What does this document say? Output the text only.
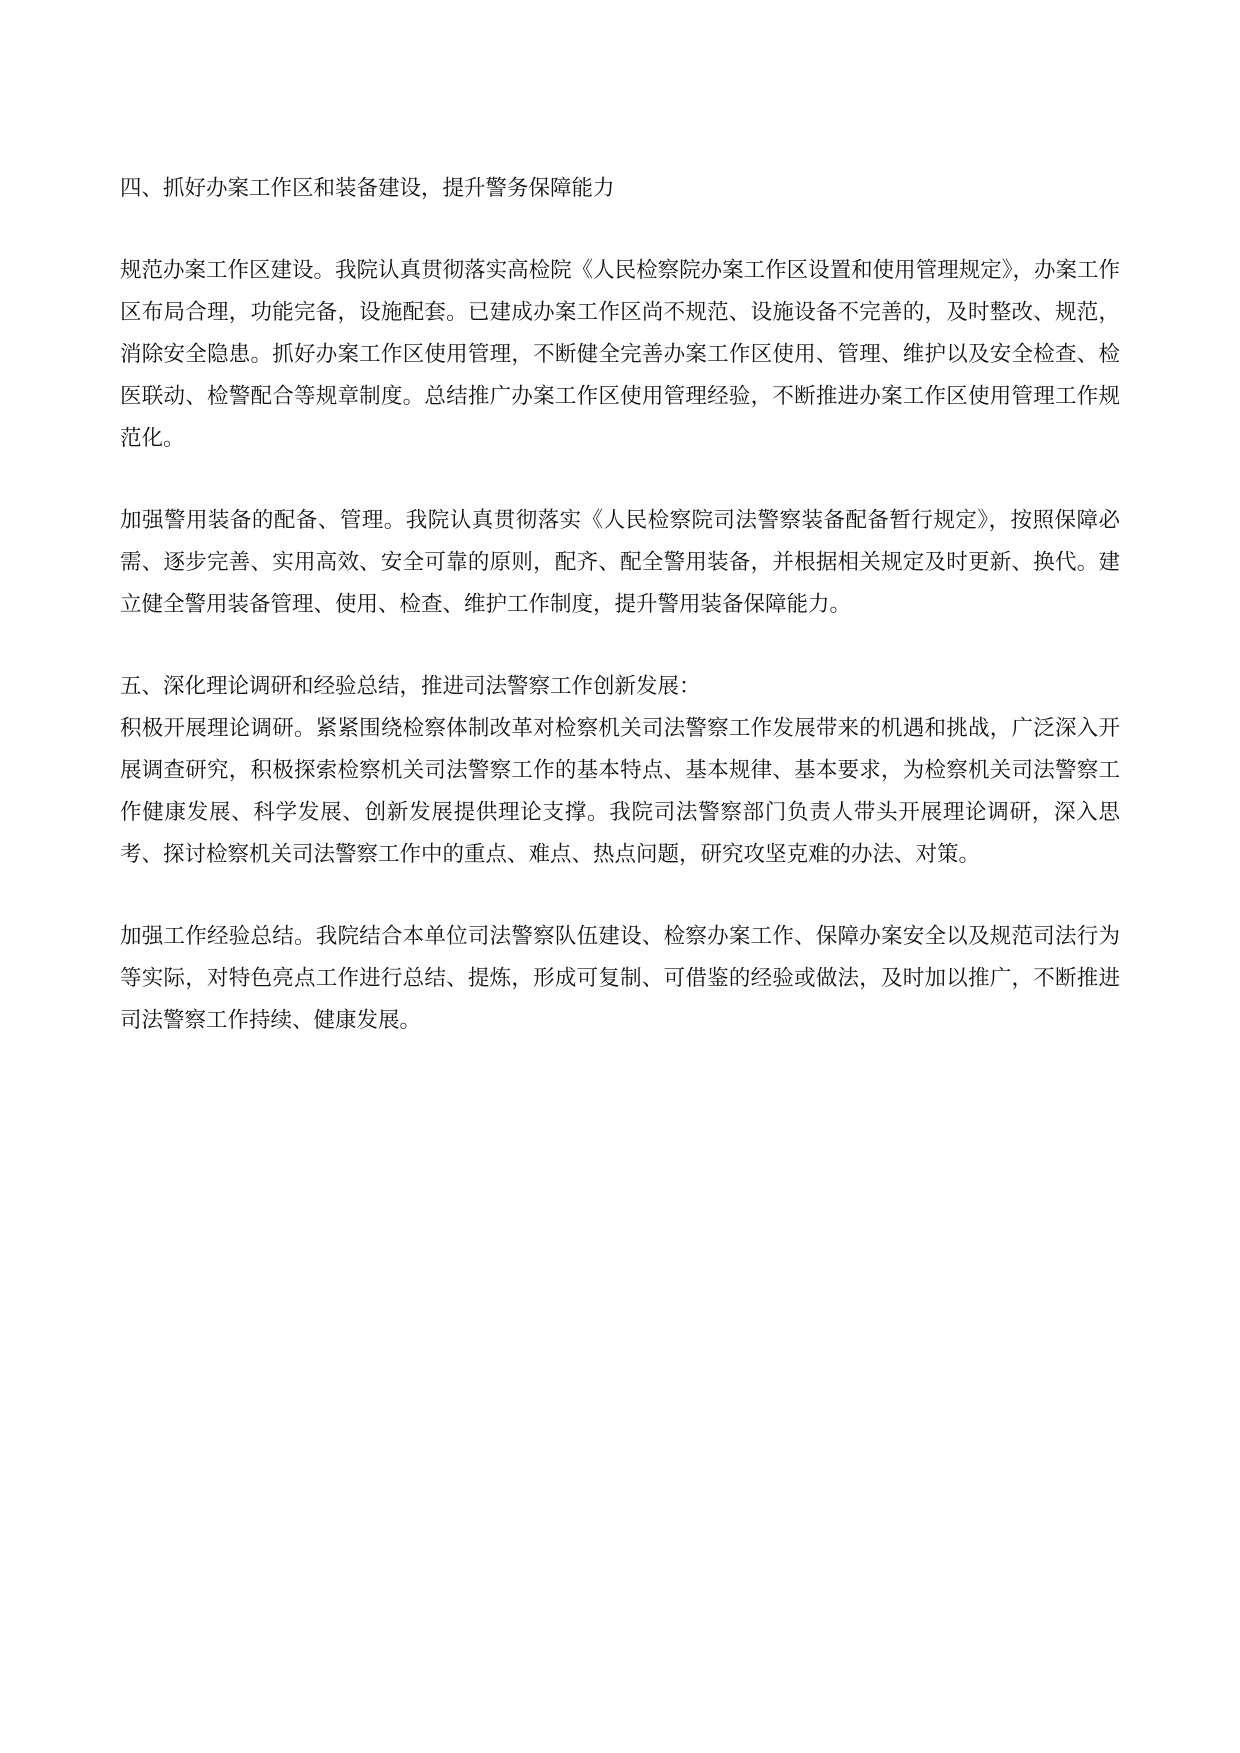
四、抓好办案工作区和装备建设，提升警务保障能力

规范办案工作区建设。我院认真贯彻落实高检院《人民检察院办案工作区设置和使用管理规定》，办案工作区布局合理，功能完备，设施配套。已建成办案工作区尚不规范、设施设备不完善的，及时整改、规范，消除安全隐患。抓好办案工作区使用管理，不断健全完善办案工作区使用、管理、维护以及安全检查、检医联动、检警配合等规章制度。总结推广办案工作区使用管理经验，不断推进办案工作区使用管理工作规范化。

加强警用装备的配备、管理。我院认真贯彻落实《人民检察院司法警察装备配备暂行规定》，按照保障必需、逐步完善、实用高效、安全可靠的原则，配齐、配全警用装备，并根据相关规定及时更新、换代。建立健全警用装备管理、使用、检查、维护工作制度，提升警用装备保障能力。

五、深化理论调研和经验总结，推进司法警察工作创新发展：

积极开展理论调研。紧紧围绕检察体制改革对检察机关司法警察工作发展带来的机遇和挑战，广泛深入开展调查研究，积极探索检察机关司法警察工作的基本特点、基本规律、基本要求，为检察机关司法警察工作健康发展、科学发展、创新发展提供理论支撑。我院司法警察部门负责人带头开展理论调研，深入思考、探讨检察机关司法警察工作中的重点、难点、热点问题，研究攻坚克难的办法、对策。

加强工作经验总结。我院结合本单位司法警察队伍建设、检察办案工作、保障办案安全以及规范司法行为等实际，对特色亮点工作进行总结、提炼，形成可复制、可借鉴的经验或做法，及时加以推广，不断推进司法警察工作持续、健康发展。
